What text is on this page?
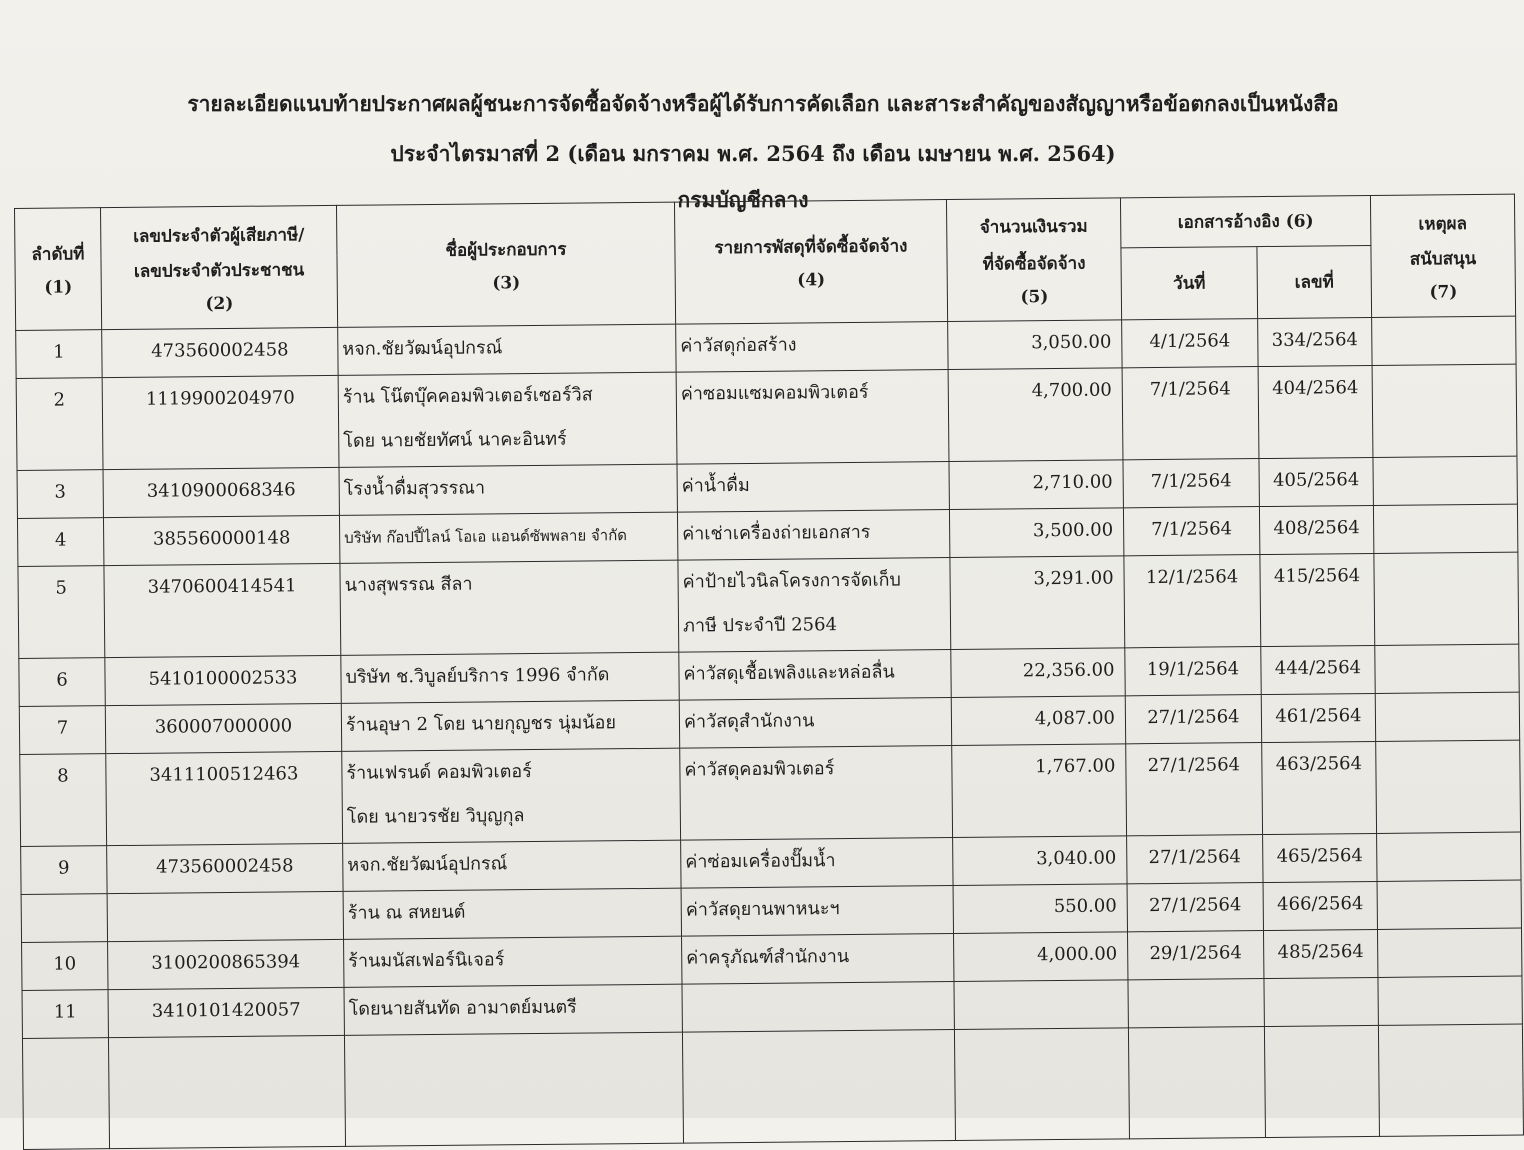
รายละเอียดแนบท้ายประกาศผลผู้ชนะการจัดซื้อจัดจ้างหรือผู้ได้รับการคัดเลือก และสาระสำคัญของสัญญาหรือข้อตกลงเป็นหนังสือ
ประจำไตรมาสที่ 2 (เดือน มกราคม พ.ศ. 2564 ถึง เดือน เมษายน พ.ศ. 2564)
กรมบัญชีกลาง
ลำดับที่
(1)	เลขประจำตัวผู้เสียภาษี/
เลขประจำตัวประชาชน
(2)	ชื่อผู้ประกอบการ
(3)	รายการพัสดุที่จัดซื้อจัดจ้าง
(4)	จำนวนเงินรวม
ที่จัดซื้อจัดจ้าง
(5)	เอกสารอ้างอิง (6)		เหตุผล
สนับสนุน
(7)

					วันที่	เลขที่	

1	473560002458	หจก.ชัยวัฒน์อุปกรณ์	ค่าวัสดุก่อสร้าง	3,050.00	4/1/2564	334/2564	

2	1119900204970	ร้าน โน๊ตบุ๊คคอมพิวเตอร์เซอร์วิส
โดย นายชัยทัศน์ นาคะอินทร์	ค่าซอมแซมคอมพิวเตอร์	4,700.00	7/1/2564	404/2564	

3	3410900068346	โรงน้ำดื่มสุวรรณา	ค่าน้ำดื่ม	2,710.00	7/1/2564	405/2564	

4	385560000148	บริษัท ก๊อปปี้ไลน์ โอเอ แอนด์ซัพพลาย จำกัด	ค่าเช่าเครื่องถ่ายเอกสาร	3,500.00	7/1/2564	408/2564	

5	3470600414541	นางสุพรรณ สีลา	ค่าป้ายไวนิลโครงการจัดเก็บ
ภาษี ประจำปี 2564	3,291.00	12/1/2564	415/2564	

6	5410100002533	บริษัท ช.วิบูลย์บริการ 1996 จำกัด	ค่าวัสดุเชื้อเพลิงและหล่อลื่น	22,356.00	19/1/2564	444/2564	

7	360007000000	ร้านอุษา 2 โดย นายกุญชร นุ่มน้อย	ค่าวัสดุสำนักงาน	4,087.00	27/1/2564	461/2564	

8	3411100512463	ร้านเฟรนด์ คอมพิวเตอร์
โดย นายวรชัย วิบุญกุล	ค่าวัสดุคอมพิวเตอร์	1,767.00	27/1/2564	463/2564	

9	473560002458	หจก.ชัยวัฒน์อุปกรณ์	ค่าซ่อมเครื่องปั๊มน้ำ	3,040.00	27/1/2564	465/2564	

		ร้าน ณ สหยนต์	ค่าวัสดุยานพาหนะฯ	550.00	27/1/2564	466/2564	

10	3100200865394	ร้านมนัสเฟอร์นิเจอร์	ค่าครุภัณฑ์สำนักงาน	4,000.00	29/1/2564	485/2564	

11	3410101420057	โดยนายสันทัด อามาตย์มนตรี					
